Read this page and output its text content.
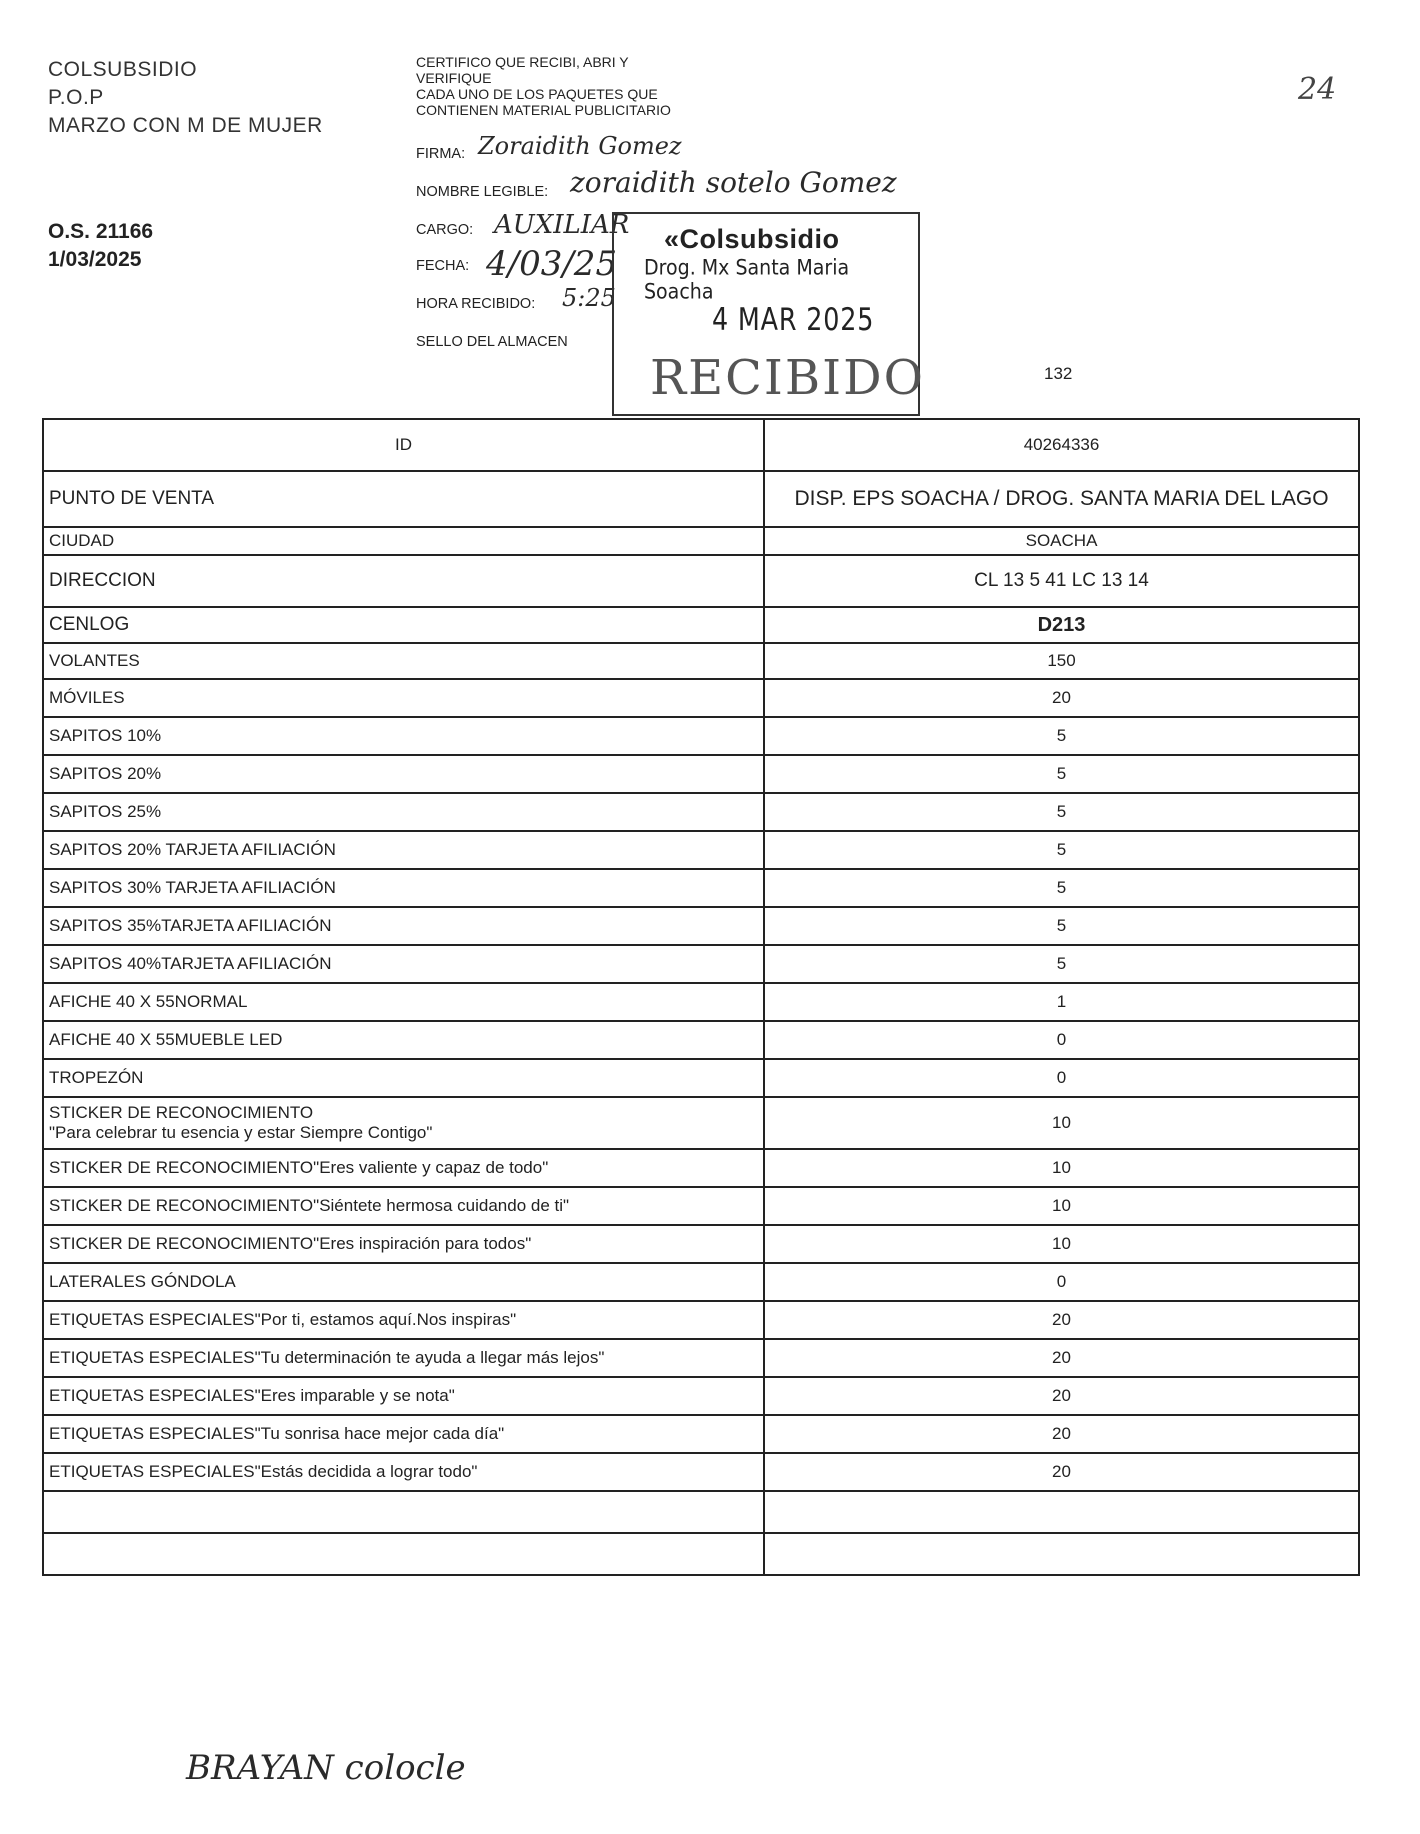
COLSUBSIDIO
P.O.P
MARZO CON M DE MUJER
O.S. 21166
1/03/2025
CERTIFICO QUE RECIBI, ABRI Y
VERIFIQUE
CADA UNO DE LOS PAQUETES QUE
CONTIENEN MATERIAL PUBLICITARIO
FIRMA: Zoraidith Gomez
NOMBRE LEGIBLE: zoraidith sotelo Gomez
CARGO: AUXILIAR
FECHA: 4/03/25
HORA RECIBIDO: 5:25
SELLO DEL ALMACEN
«Colsubsidio
Drog. Mx Santa Maria Soacha
4 MAR 2025
RECIBIDO	132
24
ID	40264336
PUNTO DE VENTA	DISP. EPS SOACHA / DROG. SANTA MARIA DEL LAGO
CIUDAD	SOACHA
DIRECCION	CL 13 5 41 LC 13 14
CENLOG	D213
VOLANTES	150
MÓVILES	20
SAPITOS 10%	5
SAPITOS 20%	5
SAPITOS 25%	5
SAPITOS 20% TARJETA AFILIACIÓN	5
SAPITOS 30% TARJETA AFILIACIÓN	5
SAPITOS 35%TARJETA AFILIACIÓN	5
SAPITOS 40%TARJETA AFILIACIÓN	5
AFICHE 40 X 55NORMAL	1
AFICHE 40 X 55MUEBLE LED	0
TROPEZÓN	0

STICKER DE RECONOCIMIENTO
"Para celebrar tu esencia y estar Siempre Contigo"	10
STICKER DE RECONOCIMIENTO"Eres valiente y capaz de todo"	10
STICKER DE RECONOCIMIENTO"Siéntete hermosa cuidando de ti"	10
STICKER DE RECONOCIMIENTO"Eres inspiración para todos"	10
LATERALES GÓNDOLA	0
ETIQUETAS ESPECIALES"Por ti, estamos aquí.Nos inspiras"	20
ETIQUETAS ESPECIALES"Tu determinación te ayuda a llegar más lejos"	20
ETIQUETAS ESPECIALES"Eres imparable y se nota"	20
ETIQUETAS ESPECIALES"Tu sonrisa hace mejor cada día"	20
ETIQUETAS ESPECIALES"Estás decidida a lograr todo"	20

BRAYAN colocle
